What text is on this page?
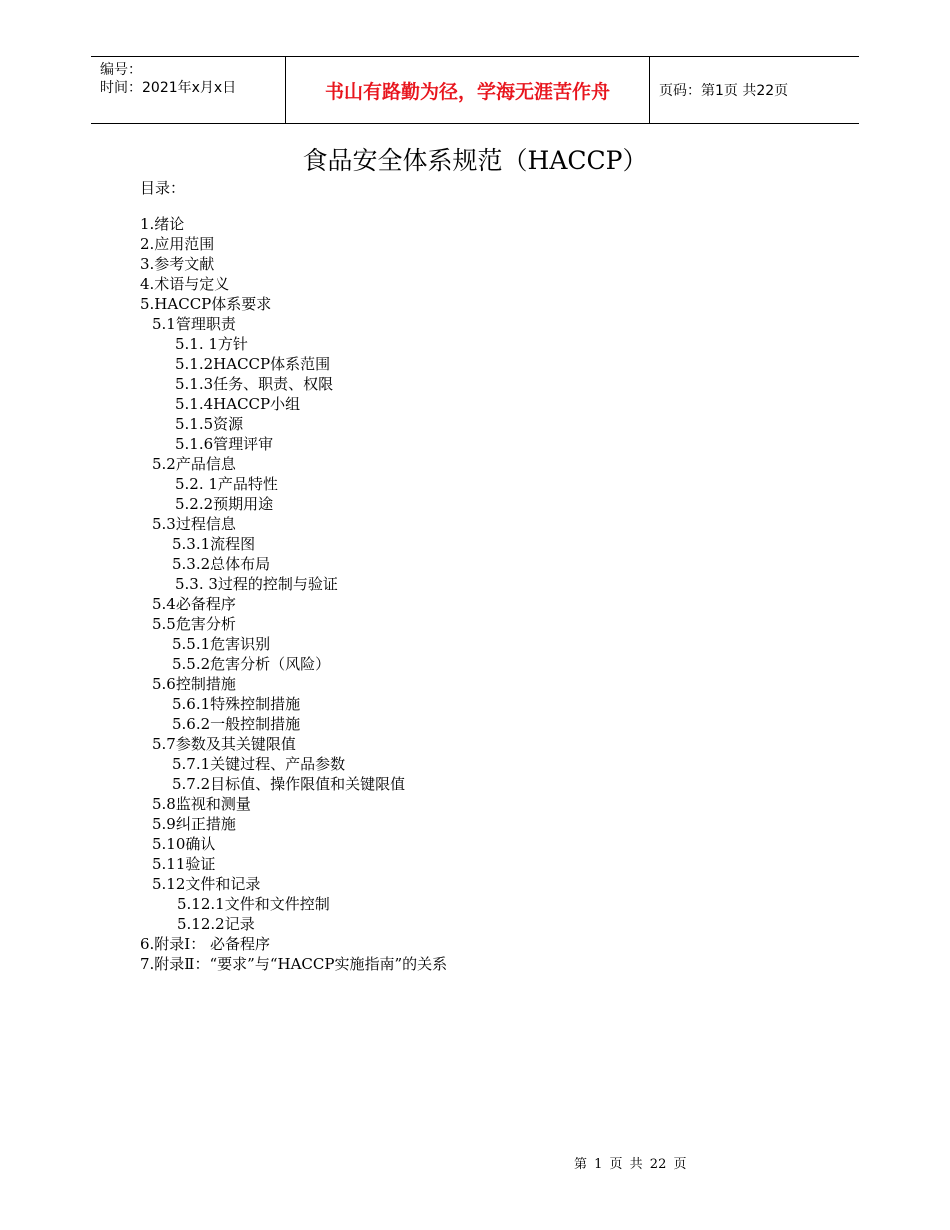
编号：
时间：2021年x月x日	书山有路勤为径，学海无涯苦作舟	页码：第1页 共22页
食品安全体系规范（HACCP）
目录：
1.绪论
2.应用范围
3.参考文献
4.术语与定义
5.HACCP体系要求
5.1管理职责
5.1. 1方针
5.1.2HACCP体系范围
5.1.3任务、职责、权限
5.1.4HACCP小组
5.1.5资源
5.1.6管理评审
5.2产品信息
5.2. 1产品特性
5.2.2预期用途
5.3过程信息
5.3.1流程图
5.3.2总体布局
5.3. 3过程的控制与验证
5.4必备程序
5.5危害分析
5.5.1危害识别
5.5.2危害分析（风险）
5.6控制措施
5.6.1特殊控制措施
5.6.2一般控制措施
5.7参数及其关键限值
5.7.1关键过程、产品参数
5.7.2目标值、操作限值和关键限值
5.8监视和测量
5.9纠正措施
5.10确认
5.11验证
5.12文件和记录
5.12.1文件和文件控制
5.12.2记录
6.附录Ⅰ： 必备程序
7.附录Ⅱ：“要求”与“HACCP实施指南”的关系
第 1 页 共 22 页
